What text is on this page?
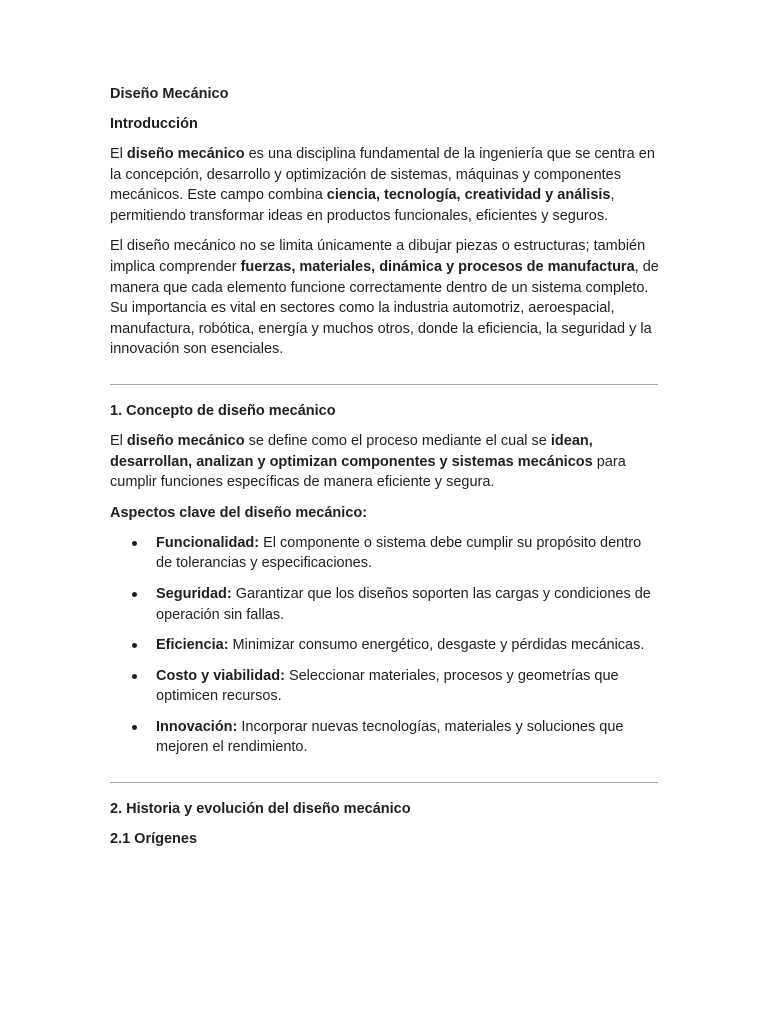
Diseño Mecánico
Introducción

El diseño mecánico es una disciplina fundamental de la ingeniería que se centra en la concepción, desarrollo y optimización de sistemas, máquinas y componentes mecánicos. Este campo combina ciencia, tecnología, creatividad y análisis, permitiendo transformar ideas en productos funcionales, eficientes y seguros.

El diseño mecánico no se limita únicamente a dibujar piezas o estructuras; también implica comprender fuerzas, materiales, dinámica y procesos de manufactura, de manera que cada elemento funcione correctamente dentro de un sistema completo. Su importancia es vital en sectores como la industria automotriz, aeroespacial, manufactura, robótica, energía y muchos otros, donde la eficiencia, la seguridad y la innovación son esenciales.

1. Concepto de diseño mecánico

El diseño mecánico se define como el proceso mediante el cual se idean, desarrollan, analizan y optimizan componentes y sistemas mecánicos para cumplir funciones específicas de manera eficiente y segura.

Aspectos clave del diseño mecánico:
Funcionalidad: El componente o sistema debe cumplir su propósito dentro de tolerancias y especificaciones.
Seguridad: Garantizar que los diseños soporten las cargas y condiciones de operación sin fallas.
Eficiencia: Minimizar consumo energético, desgaste y pérdidas mecánicas.
Costo y viabilidad: Seleccionar materiales, procesos y geometrías que optimicen recursos.
Innovación: Incorporar nuevas tecnologías, materiales y soluciones que mejoren el rendimiento.
2. Historia y evolución del diseño mecánico
2.1 Orígenes
